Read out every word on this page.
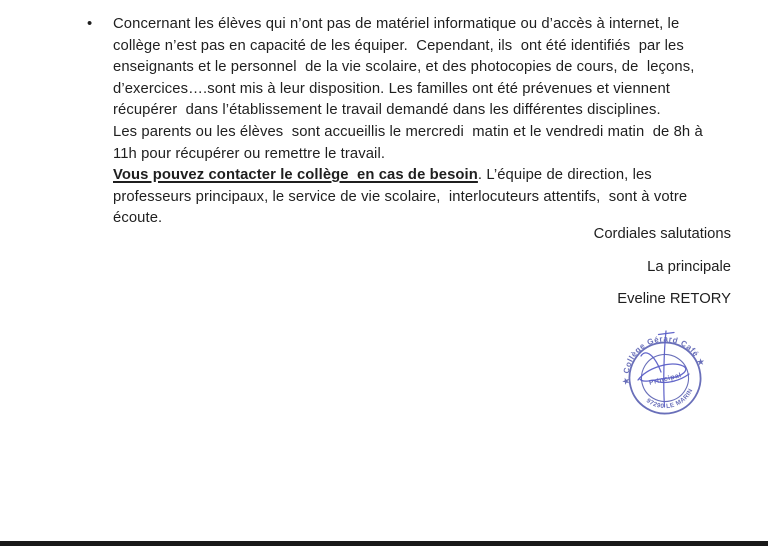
• Concernant les élèves qui n’ont pas de matériel informatique ou d’accès à internet, le
collège n’est pas en capacité de les équiper.  Cependant, ils  ont été identifiés  par les
enseignants et le personnel  de la vie scolaire, et des photocopies de cours, de  leçons,
d’exercices….sont mis à leur disposition. Les familles ont été prévenues et viennent
récupérer  dans l’établissement le travail demandé dans les différentes disciplines.
Les parents ou les élèves  sont accueillis le mercredi  matin et le vendredi matin  de 8h à
11h pour récupérer ou remettre le travail.
Vous pouvez contacter le collège  en cas de besoin. L’équipe de direction, les
professeurs principaux, le service de vie scolaire,  interlocuteurs attentifs,  sont à votre
écoute.
Cordiales salutations
La principale
Eveline RETORY
★ Collège Gérard Café ★
97290 LE MARIN
Principal
